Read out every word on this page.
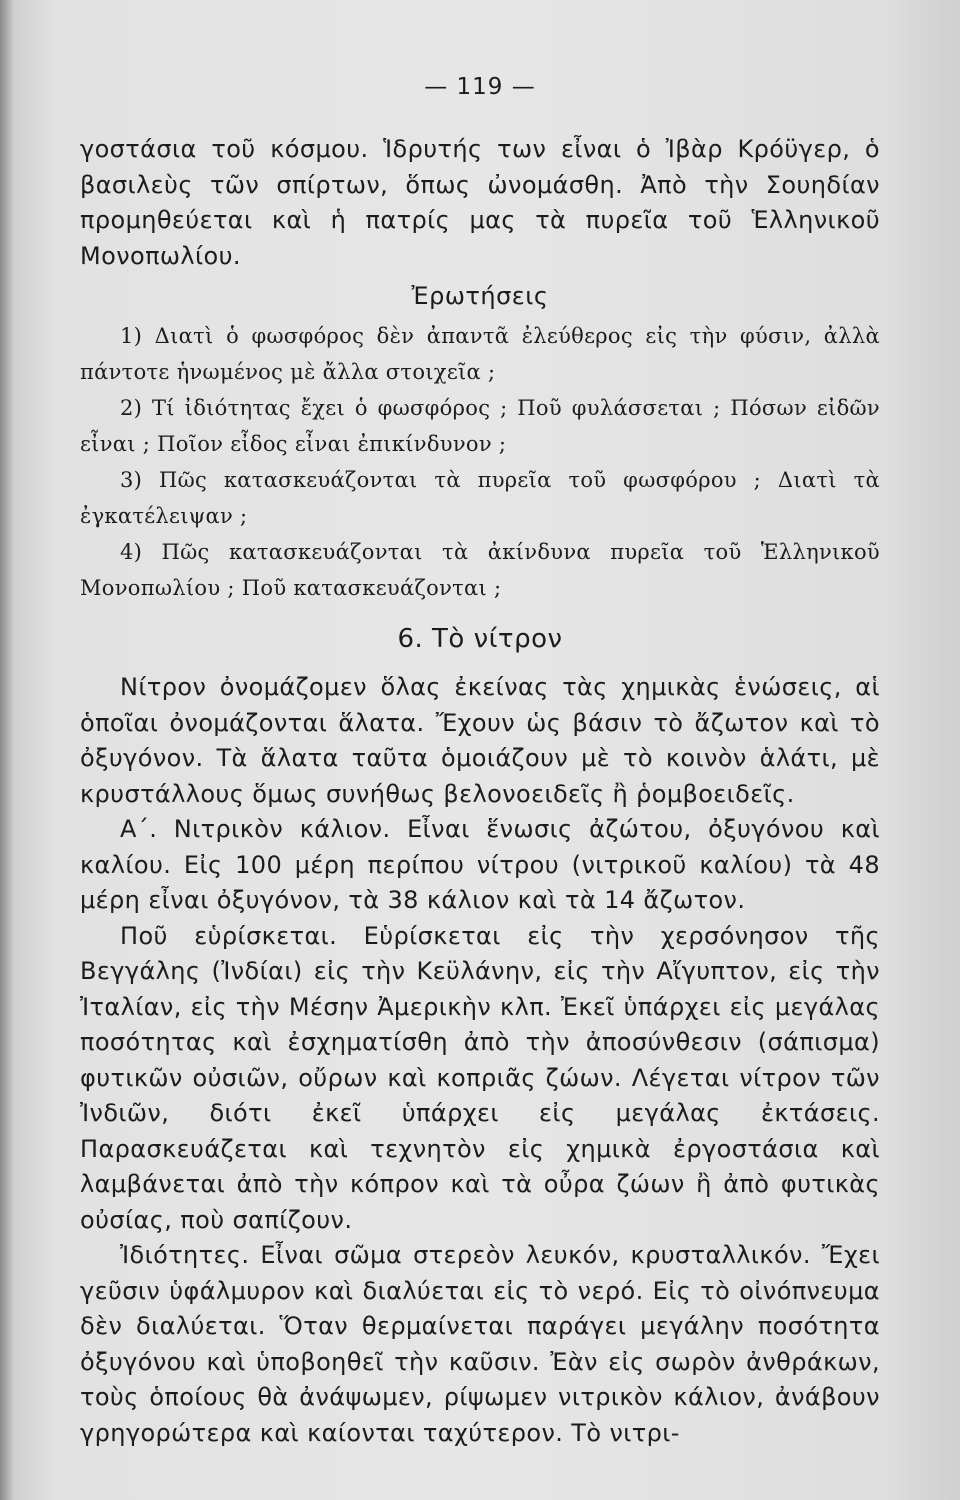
— 119 —

γοστάσια τοῦ κόσμου. Ἱδρυτής των εἶναι ὁ Ἰβὰρ Κρόϋγερ, ὁ βασιλεὺς τῶν σπίρτων, ὅπως ὠνομάσθη. Ἀπὸ τὴν Σουηδίαν προμηθεύεται καὶ ἡ πατρίς μας τὰ πυρεῖα τοῦ Ἑλληνικοῦ Μονοπωλίου.

Ἐρωτήσεις

1) Διατὶ ὁ φωσφόρος δὲν ἀπαντᾶ ἐλεύθερος εἰς τὴν φύσιν, ἀλλὰ πάντοτε ἡνωμένος μὲ ἄλλα στοιχεῖα ;

2) Τί ἰδιότητας ἔχει ὁ φωσφόρος ; Ποῦ φυλάσσεται ; Πόσων εἰδῶν εἶναι ; Ποῖον εἶδος εἶναι ἐπικίνδυνον ;

3) Πῶς κατασκευάζονται τὰ πυρεῖα τοῦ φωσφόρου ; Διατὶ τὰ ἐγκατέλειψαν ;

4) Πῶς κατασκευάζονται τὰ ἀκίνδυνα πυρεῖα τοῦ Ἑλληνικοῦ Μονοπωλίου ; Ποῦ κατασκευάζονται ;

6. Τὸ νίτρον

Νίτρον ὀνομάζομεν ὅλας ἐκείνας τὰς χημικὰς ἑνώσεις, αἱ ὁποῖαι ὀνομάζονται ἅλατα. Ἔχουν ὡς βάσιν τὸ ἄζωτον καὶ τὸ ὀξυγόνον. Τὰ ἅλατα ταῦτα ὁμοιάζουν μὲ τὸ κοινὸν ἁλάτι, μὲ κρυστάλλους ὅμως συνήθως βελονοειδεῖς ἢ ῥομβοειδεῖς.

Α΄. Νιτρικὸν κάλιον. Εἶναι ἕνωσις ἀζώτου, ὀξυγόνου καὶ καλίου. Εἰς 100 μέρη περίπου νίτρου (νιτρικοῦ καλίου) τὰ 48 μέρη εἶναι ὀξυγόνον, τὰ 38 κάλιον καὶ τὰ 14 ἄζωτον.

Ποῦ εὑρίσκεται. Εὑρίσκεται εἰς τὴν χερσόνησον τῆς Βεγγάλης (Ἰνδίαι) εἰς τὴν Κεϋλάνην, εἰς τὴν Αἴγυπτον, εἰς τὴν Ἰταλίαν, εἰς τὴν Μέσην Ἀμερικὴν κλπ. Ἐκεῖ ὑπάρχει εἰς μεγάλας ποσότητας καὶ ἐσχηματίσθη ἀπὸ τὴν ἀποσύνθεσιν (σάπισμα) φυτικῶν οὐσιῶν, οὔρων καὶ κοπριᾶς ζώων. Λέγεται νίτρον τῶν Ἰνδιῶν, διότι ἐκεῖ ὑπάρχει εἰς μεγάλας ἐκτάσεις. Παρασκευάζεται καὶ τεχνητὸν εἰς χημικὰ ἐργοστάσια καὶ λαμβάνεται ἀπὸ τὴν κόπρον καὶ τὰ οὖρα ζώων ἢ ἀπὸ φυτικὰς οὐσίας, ποὺ σαπίζουν.

Ἰδιότητες. Εἶναι σῶμα στερεὸν λευκόν, κρυσταλλικόν. Ἔχει γεῦσιν ὑφάλμυρον καὶ διαλύεται εἰς τὸ νερό. Εἰς τὸ οἰνόπνευμα δὲν διαλύεται. Ὅταν θερμαίνεται παράγει μεγάλην ποσότητα ὀξυγόνου καὶ ὑποβοηθεῖ τὴν καῦσιν. Ἐὰν εἰς σωρὸν ἀνθράκων, τοὺς ὁποίους θὰ ἀνάψωμεν, ρίψωμεν νιτρικὸν κάλιον, ἀνάβουν γρηγορώτερα καὶ καίονται ταχύτερον. Τὸ νιτρι-
